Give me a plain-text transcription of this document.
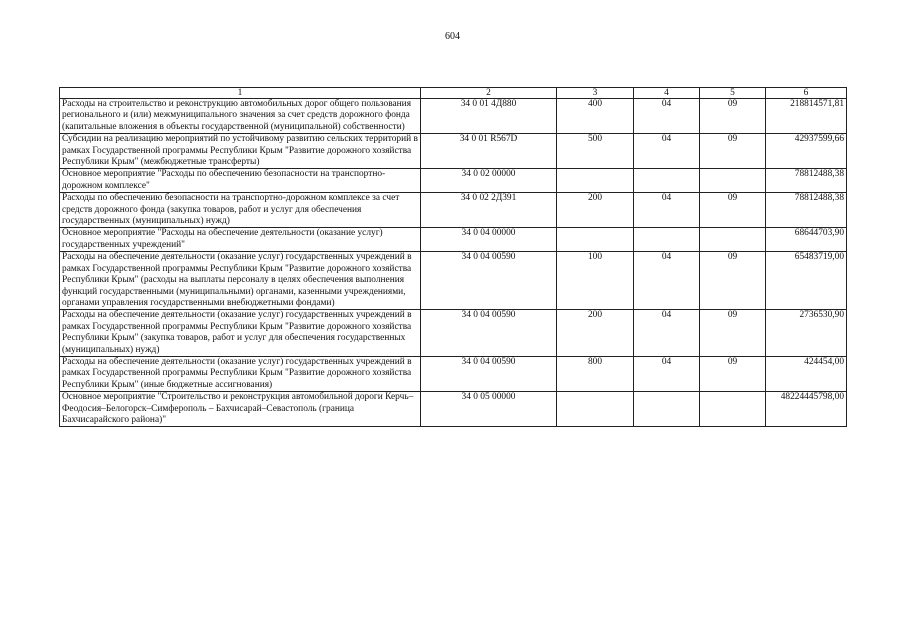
604
1	2	3	4	5	6
Расходы на строительство и реконструкцию автомобильных дорог общего пользования регионального и (или) межмуниципального значения за счет средств дорожного фонда (капитальные вложения в объекты государственной (муниципальной) собственности)	34 0 01 4Д880	400	04	09	218814571,81
Субсидии на реализацию мероприятий по устойчивому развитию сельских территорий в рамках Государственной программы Республики Крым "Развитие дорожного хозяйства Республики Крым" (межбюджетные трансферты)	34 0 01 R567D	500	04	09	42937599,66
Основное мероприятие "Расходы по обеспечению безопасности на транспортно-дорожном комплексе"	34 0 02 00000				78812488,38
Расходы по обеспечению безопасности на транспортно-дорожном комплексе за счет средств дорожного фонда (закупка товаров, работ и услуг для обеспечения государственных (муниципальных) нужд)	34 0 02 2Д391	200	04	09	78812488,38
Основное мероприятие "Расходы на обеспечение деятельности (оказание услуг) государственных учреждений"	34 0 04 00000				68644703,90
Расходы на обеспечение деятельности (оказание услуг) государственных учреждений в рамках Государственной программы Республики Крым "Развитие дорожного хозяйства Республики Крым" (расходы на выплаты персоналу в целях обеспечения выполнения функций государственными (муниципальными) органами, казенными учреждениями, органами управления государственными внебюджетными фондами)	34 0 04 00590	100	04	09	65483719,00
Расходы на обеспечение деятельности (оказание услуг) государственных учреждений в рамках Государственной программы Республики Крым "Развитие дорожного хозяйства Республики Крым" (закупка товаров, работ и услуг для обеспечения государственных (муниципальных) нужд)	34 0 04 00590	200	04	09	2736530,90
Расходы на обеспечение деятельности (оказание услуг) государственных учреждений в рамках Государственной программы Республики Крым "Развитие дорожного хозяйства Республики Крым" (иные бюджетные ассигнования)	34 0 04 00590	800	04	09	424454,00
Основное мероприятие "Строительство и реконструкция автомобильной дороги Керчь–Феодосия–Белогорск–Симферополь – Бахчисарай–Севастополь (граница Бахчисарайского района)"	34 0 05 00000				48224445798,00
